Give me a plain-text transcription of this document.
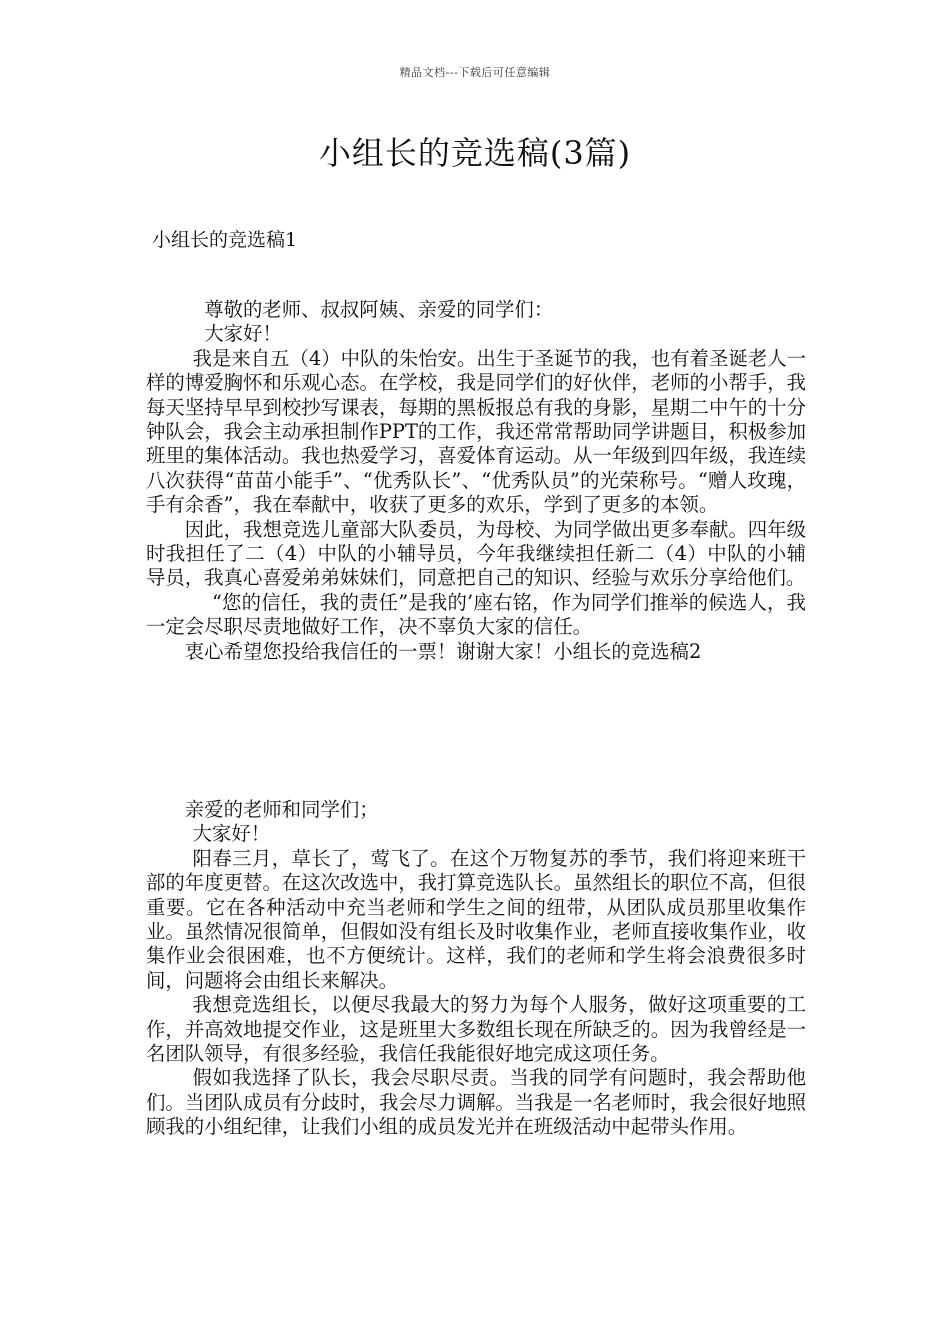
精品文档---下载后可任意编辑
小组长的竞选稿(3篇)
小组长的竞选稿1

尊敬的老师、叔叔阿姨、亲爱的同学们：

大家好！

我是来自五（4）中队的朱怡安。出生于圣诞节的我，也有着圣诞老人一样的博爱胸怀和乐观心态。在学校，我是同学们的好伙伴，老师的小帮手，我每天坚持早早到校抄写课表，每期的黑板报总有我的身影，星期二中午的十分钟队会，我会主动承担制作PPT的工作，我还常常帮助同学讲题目，积极参加班里的集体活动。我也热爱学习，喜爱体育运动。从一年级到四年级，我连续八次获得“苗苗小能手”、“优秀队长”、“优秀队员”的光荣称号。“赠人玫瑰，手有余香”，我在奉献中，收获了更多的欢乐，学到了更多的本领。

因此，我想竞选儿童部大队委员，为母校、为同学做出更多奉献。四年级时我担任了二（4）中队的小辅导员，今年我继续担任新二（4）中队的小辅导员，我真心喜爱弟弟妹妹们，同意把自己的知识、经验与欢乐分享给他们。

“您的信任，我的责任”是我的’座右铭，作为同学们推举的候选人，我一定会尽职尽责地做好工作，决不辜负大家的信任。

衷心希望您投给我信任的一票！谢谢大家！小组长的竞选稿2

亲爱的老师和同学们；

大家好！

阳春三月，草长了，莺飞了。在这个万物复苏的季节，我们将迎来班干部的年度更替。在这次改选中，我打算竞选队长。虽然组长的职位不高，但很重要。它在各种活动中充当老师和学生之间的纽带，从团队成员那里收集作业。虽然情况很简单，但假如没有组长及时收集作业，老师直接收集作业，收集作业会很困难，也不方便统计。这样，我们的老师和学生将会浪费很多时间，问题将会由组长来解决。

我想竞选组长，以便尽我最大的努力为每个人服务，做好这项重要的工作，并高效地提交作业，这是班里大多数组长现在所缺乏的。因为我曾经是一名团队领导，有很多经验，我信任我能很好地完成这项任务。

假如我选择了队长，我会尽职尽责。当我的同学有问题时，我会帮助他们。当团队成员有分歧时，我会尽力调解。当我是一名老师时，我会很好地照顾我的小组纪律，让我们小组的成员发光并在班级活动中起带头作用。
